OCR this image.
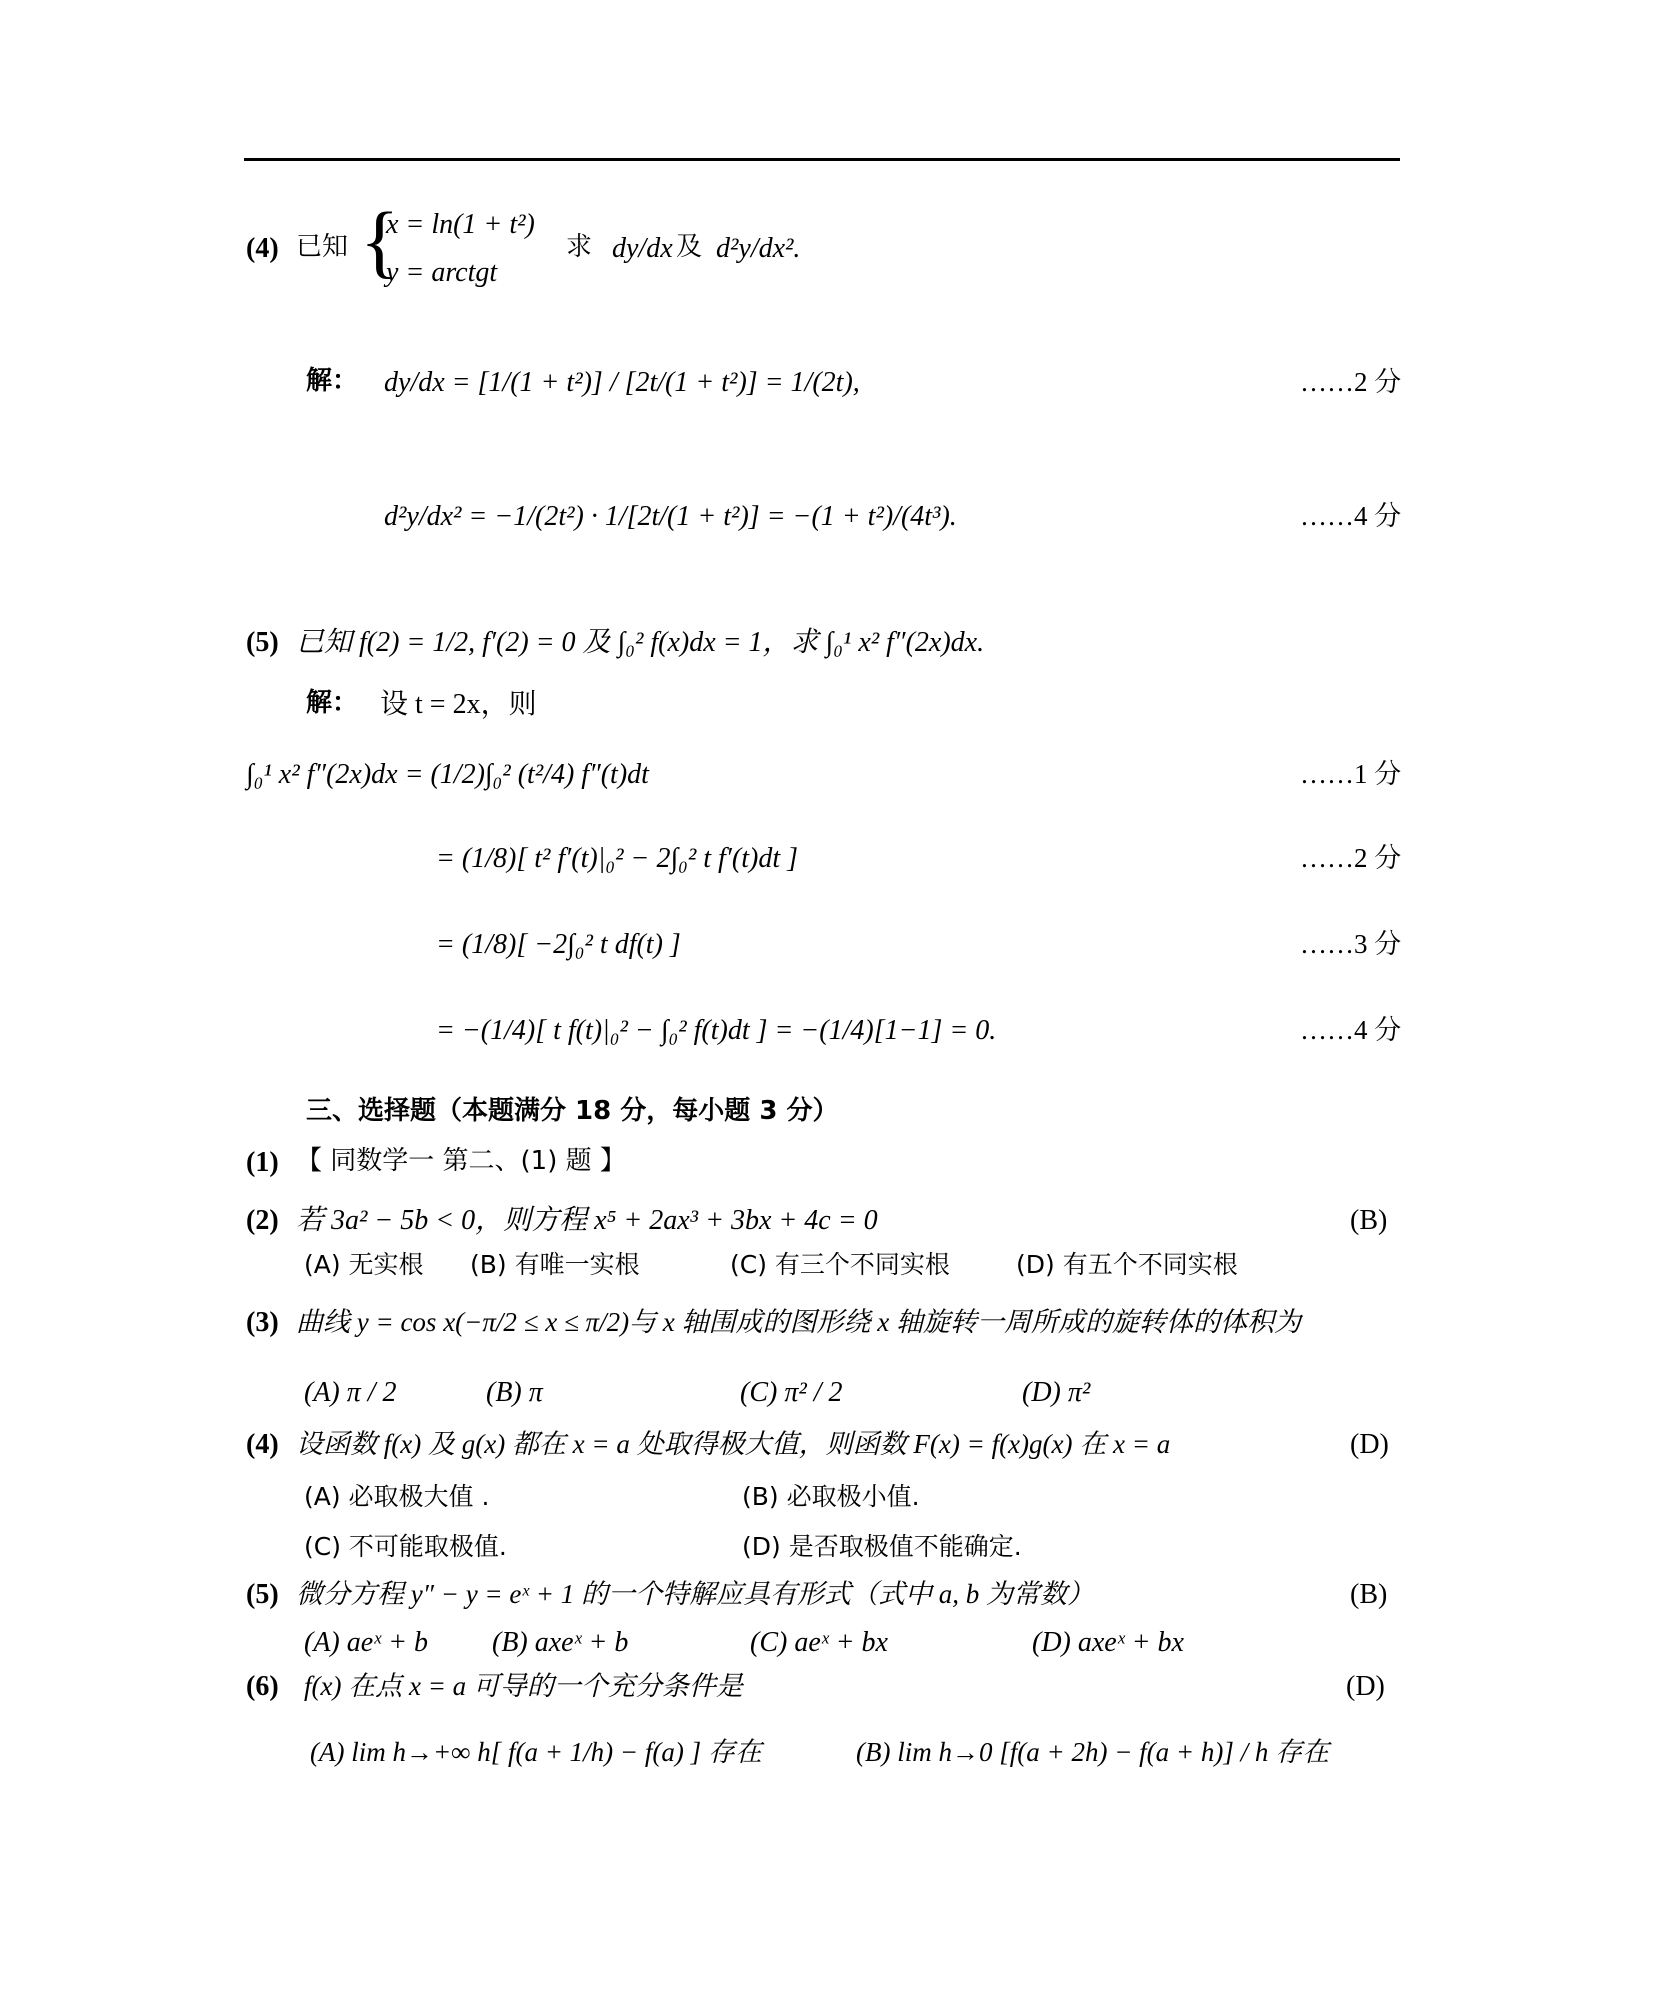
(4) 已知 {
x = ln(1 + t²)
y = arctgt
求 dy/dx 及 d²y/dx².
解： dy/dx = [1/(1 + t²)] / [2t/(1 + t²)] = 1/(2t),	……2 分
d²y/dx² = −1/(2t²) · 1/[2t/(1 + t²)] = −(1 + t²)/(4t³).	……4 分
(5) 已知 f(2) = 1/2, f′(2) = 0 及 ∫₀² f(x)dx = 1，求 ∫₀¹ x² f″(2x)dx.
解： 设 t = 2x，则
∫₀¹ x² f″(2x)dx = (1/2)∫₀² (t²/4) f″(t)dt	……1 分
= (1/8)[ t² f′(t)|₀² − 2∫₀² t f′(t)dt ]	……2 分
= (1/8)[ −2∫₀² t df(t) ]	……3 分
= −(1/4)[ t f(t)|₀² − ∫₀² f(t)dt ] = −(1/4)[1−1] = 0.	……4 分
三、选择题（本题满分 18 分，每小题 3 分）
(1) 【 同数学一 第二、(1) 题 】
(2) 若 3a² − 5b < 0，则方程 x⁵ + 2ax³ + 3bx + 4c = 0	(B)
(A) 无实根 (B) 有唯一实根	(C) 有三个不同实根	(D) 有五个不同实根
(3) 曲线 y = cos x(−π/2 ≤ x ≤ π/2)与 x 轴围成的图形绕 x 轴旋转一周所成的旋转体的体积为
(A) π / 2	(B) π	(C) π² / 2	(D) π²
(4) 设函数 f(x) 及 g(x) 都在 x = a 处取得极大值，则函数 F(x) = f(x)g(x) 在 x = a	(D)
(A) 必取极大值 .	(B) 必取极小值.
(C) 不可能取极值.	(D) 是否取极值不能确定.
(5) 微分方程 y″ − y = eˣ + 1 的一个特解应具有形式（式中 a, b 为常数）	(B)
(A) aeˣ + b (B) axeˣ + b	(C) aeˣ + bx	(D) axeˣ + bx
(6) f(x) 在点 x = a 可导的一个充分条件是	(D)
(A) lim h→+∞ h[ f(a + 1/h) − f(a) ] 存在	(B) lim h→0 [f(a + 2h) − f(a + h)] / h 存在
